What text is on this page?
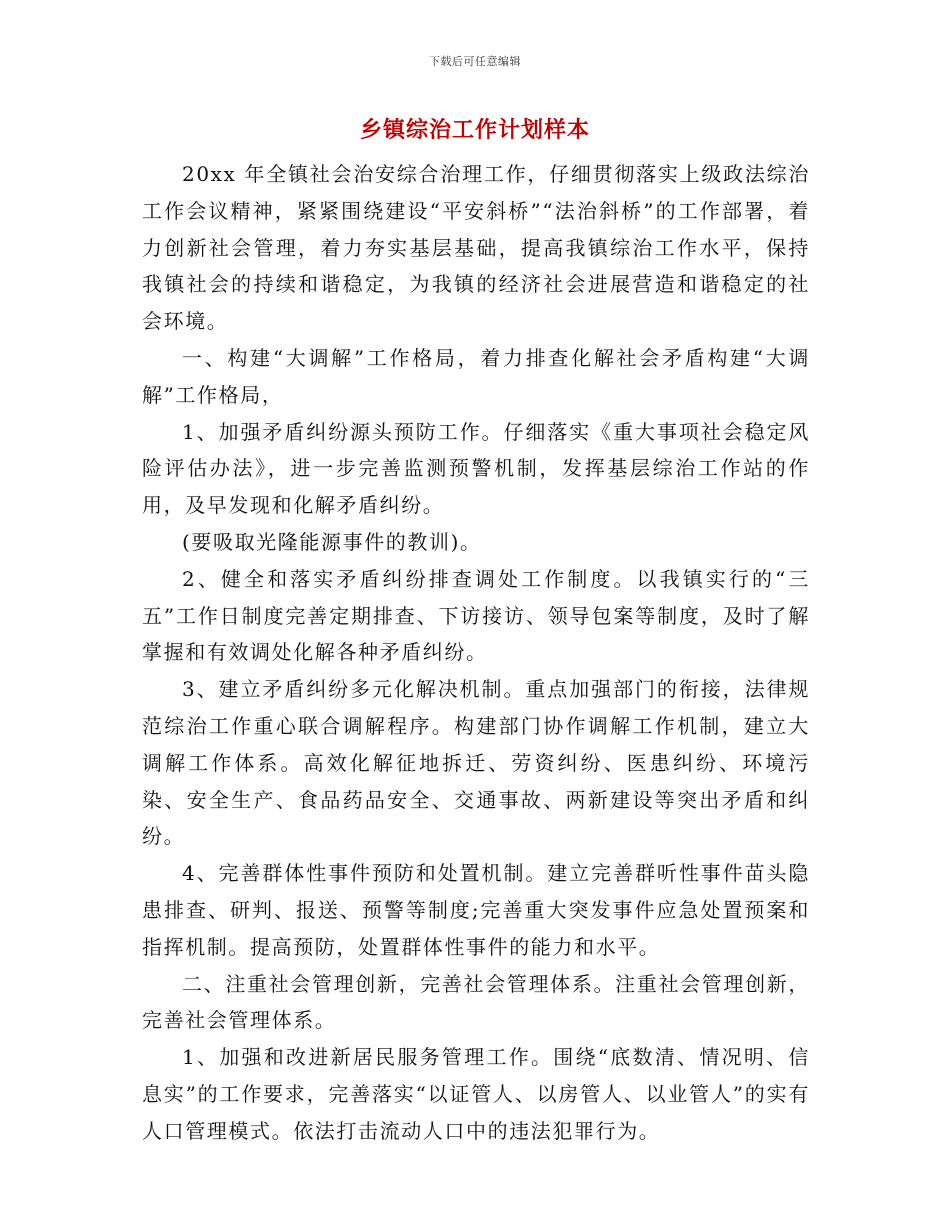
下载后可任意编辑
乡镇综治工作计划样本

20xx 年全镇社会治安综合治理工作，仔细贯彻落实上级政法综治工作会议精神，紧紧围绕建设“平安斜桥”“法治斜桥”的工作部署，着力创新社会管理，着力夯实基层基础，提高我镇综治工作水平，保持我镇社会的持续和谐稳定，为我镇的经济社会进展营造和谐稳定的社会环境。

一、构建“大调解”工作格局，着力排查化解社会矛盾构建“大调解”工作格局，

1、加强矛盾纠纷源头预防工作。仔细落实《重大事项社会稳定风险评估办法》，进一步完善监测预警机制，发挥基层综治工作站的作用，及早发现和化解矛盾纠纷。

(要吸取光隆能源事件的教训)。

2、健全和落实矛盾纠纷排查调处工作制度。以我镇实行的“三五”工作日制度完善定期排查、下访接访、领导包案等制度，及时了解掌握和有效调处化解各种矛盾纠纷。

3、建立矛盾纠纷多元化解决机制。重点加强部门的衔接，法律规范综治工作重心联合调解程序。构建部门协作调解工作机制，建立大调解工作体系。高效化解征地拆迁、劳资纠纷、医患纠纷、环境污染、安全生产、食品药品安全、交通事故、两新建设等突出矛盾和纠纷。

4、完善群体性事件预防和处置机制。建立完善群听性事件苗头隐患排查、研判、报送、预警等制度;完善重大突发事件应急处置预案和指挥机制。提高预防，处置群体性事件的能力和水平。

二、注重社会管理创新，完善社会管理体系。注重社会管理创新，完善社会管理体系。

1、加强和改进新居民服务管理工作。围绕“底数清、情况明、信息实”的工作要求，完善落实“以证管人、以房管人、以业管人”的实有人口管理模式。依法打击流动人口中的违法犯罪行为。
